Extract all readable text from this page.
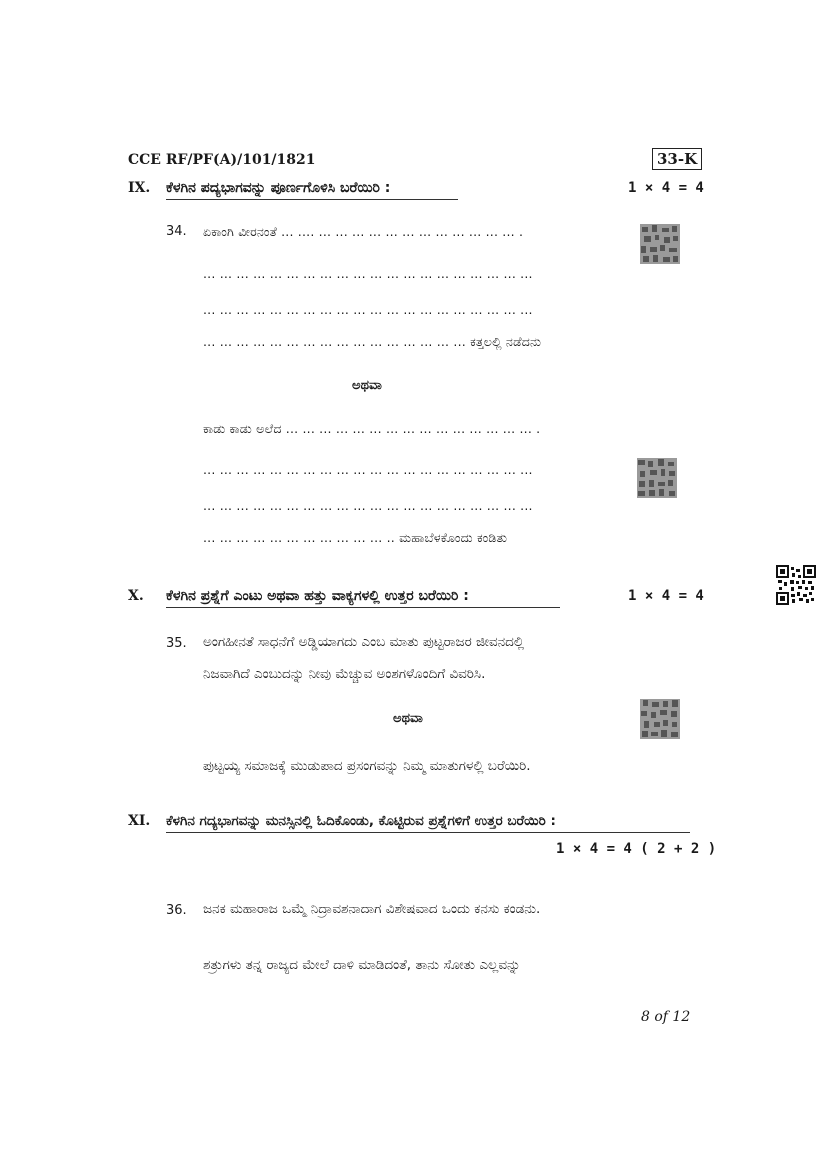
CCE RF/PF(A)/101/1821	33-K
IX. ಕೆಳಗಿನ ಪದ್ಯಭಾಗವನ್ನು ಪೂರ್ಣಗೊಳಿಸಿ ಬರೆಯಿರಿ :	1 × 4 = 4
34. ಏಕಾಂಗಿ ವೀರನಂತೆ ... .... ... ... ... ... ... ... ... ... ... ... ... ... .
... ... ... ... ... ... ... ... ... ... ... ... ... ... ... ... ... ... ... ...
... ... ... ... ... ... ... ... ... ... ... ... ... ... ... ... ... ... ... ...
... ... ... ... ... ... ... ... ... ... ... ... ... ... ... ... ಕತ್ತಲಲ್ಲಿ ನಡೆದನು
ಅಥವಾ
ಕಾಡು ಕಾಡು ಅಲೆದ ... ... ... ... ... ... ... ... ... ... ... ... ... ... ... .
... ... ... ... ... ... ... ... ... ... ... ... ... ... ... ... ... ... ... ...
... ... ... ... ... ... ... ... ... ... ... ... ... ... ... ... ... ... ... ...
... ... ... ... ... ... ... ... ... ... ... .. ಮಹಾಬೆಳಕೊಂದು ಕಂಡಿತು
X. ಕೆಳಗಿನ ಪ್ರಶ್ನೆಗೆ ಎಂಟು ಅಥವಾ ಹತ್ತು ವಾಕ್ಯಗಳಲ್ಲಿ ಉತ್ತರ ಬರೆಯಿರಿ :	1 × 4 = 4
35. ಅಂಗಹೀನತೆ ಸಾಧನೆಗೆ ಅಡ್ಡಿಯಾಗದು ಎಂಬ ಮಾತು ಪುಟ್ಟರಾಜರ ಜೀವನದಲ್ಲಿ
ನಿಜವಾಗಿದೆ ಎಂಬುದನ್ನು ನೀವು ಮೆಚ್ಚುವ ಅಂಶಗಳೊಂದಿಗೆ ವಿವರಿಸಿ.
ಅಥವಾ
ಪುಟ್ಟಯ್ಯ ಸಮಾಜಕ್ಕೆ ಮುಡುಪಾದ ಪ್ರಸಂಗವನ್ನು ನಿಮ್ಮ ಮಾತುಗಳಲ್ಲಿ ಬರೆಯಿರಿ.
XI. ಕೆಳಗಿನ ಗದ್ಯಭಾಗವನ್ನು ಮನಸ್ಸಿನಲ್ಲಿ ಓದಿಕೊಂಡು, ಕೊಟ್ಟಿರುವ ಪ್ರಶ್ನೆಗಳಿಗೆ ಉತ್ತರ ಬರೆಯಿರಿ :
1 × 4 = 4 ( 2 + 2 )
36. ಜನಕ ಮಹಾರಾಜ ಒಮ್ಮೆ ನಿದ್ರಾವಶನಾದಾಗ ವಿಶೇಷವಾದ ಒಂದು ಕನಸು ಕಂಡನು.
ಶತ್ರುಗಳು ತನ್ನ ರಾಜ್ಯದ ಮೇಲೆ ದಾಳಿ ಮಾಡಿದಂತೆ, ತಾನು ಸೋತು ಎಲ್ಲವನ್ನು
8 of 12
